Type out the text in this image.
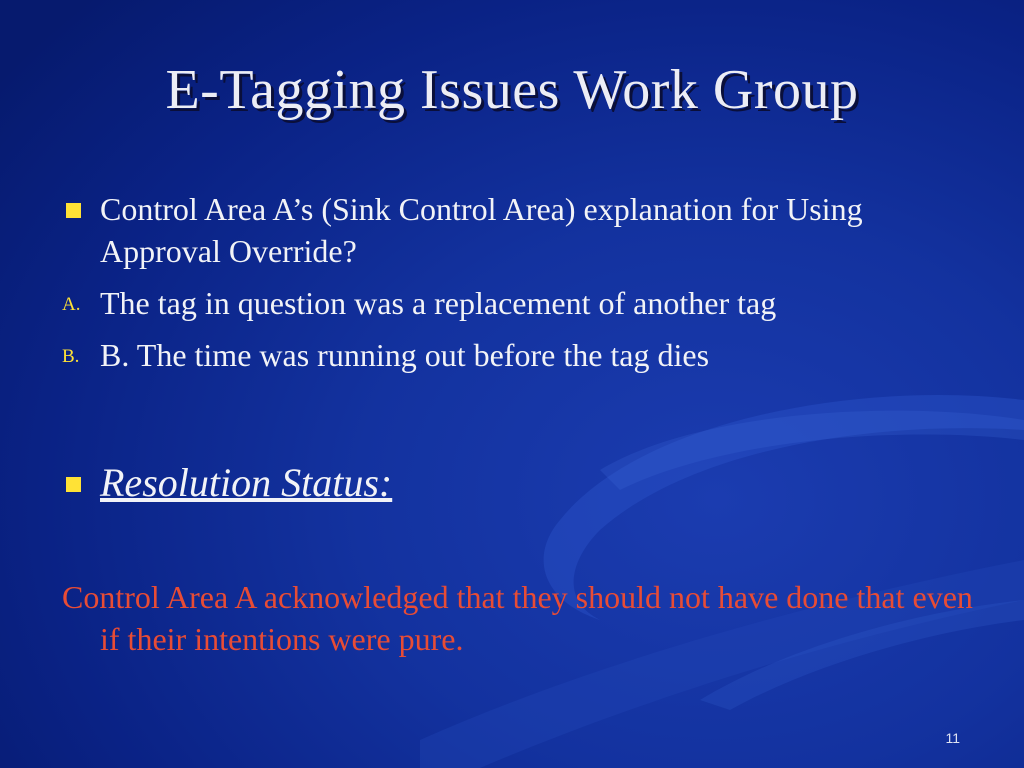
E-Tagging Issues Work Group
Control Area A’s (Sink Control Area) explanation for Using Approval Override?
A. The tag in question was a replacement of another tag
B. B. The time was running out before the tag dies
Resolution Status:
Control Area A acknowledged that they should not have done that even if their intentions were pure.
11
